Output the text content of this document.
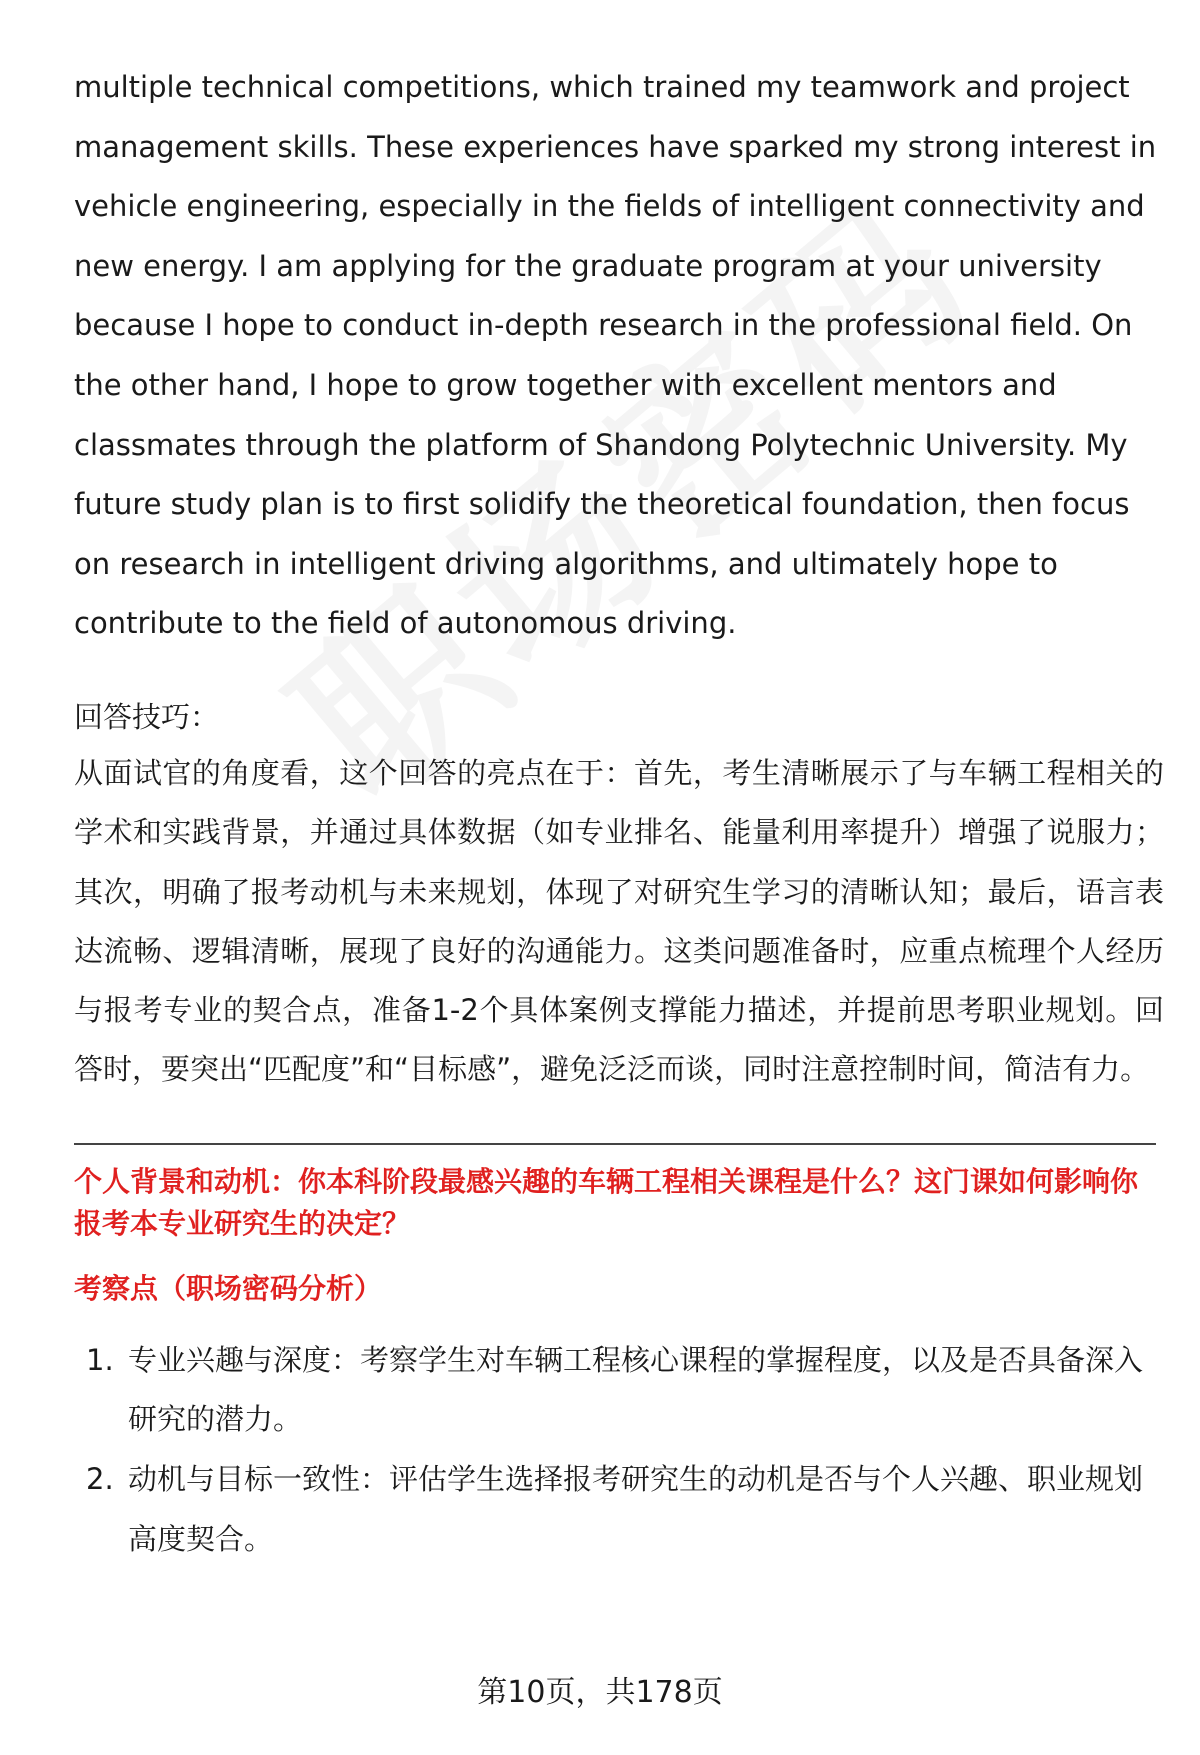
multiple technical competitions, which trained my teamwork and project management skills. These experiences have sparked my strong interest in vehicle engineering, especially in the fields of intelligent connectivity and new energy. I am applying for the graduate program at your university because I hope to conduct in-depth research in the professional field. On the other hand, I hope to grow together with excellent mentors and classmates through the platform of Shandong Polytechnic University. My future study plan is to first solidify the theoretical foundation, then focus on research in intelligent driving algorithms, and ultimately hope to contribute to the field of autonomous driving.

回答技巧：

从面试官的角度看，这个回答的亮点在于：首先，考生清晰展示了与车辆工程相关的学术和实践背景，并通过具体数据（如专业排名、能量利用率提升）增强了说服力；其次，明确了报考动机与未来规划，体现了对研究生学习的清晰认知；最后，语言表达流畅、逻辑清晰，展现了良好的沟通能力。这类问题准备时，应重点梳理个人经历与报考专业的契合点，准备1-2个具体案例支撑能力描述，并提前思考职业规划。回答时，要突出“匹配度”和“目标感”，避免泛泛而谈，同时注意控制时间，简洁有力。

个人背景和动机：你本科阶段最感兴趣的车辆工程相关课程是什么？这门课如何影响你报考本专业研究生的决定？
考察点（职场密码分析）
1. 专业兴趣与深度：考察学生对车辆工程核心课程的掌握程度，以及是否具备深入研究的潜力。
2. 动机与目标一致性：评估学生选择报考研究生的动机是否与个人兴趣、职业规划高度契合。
第10页，共178页
